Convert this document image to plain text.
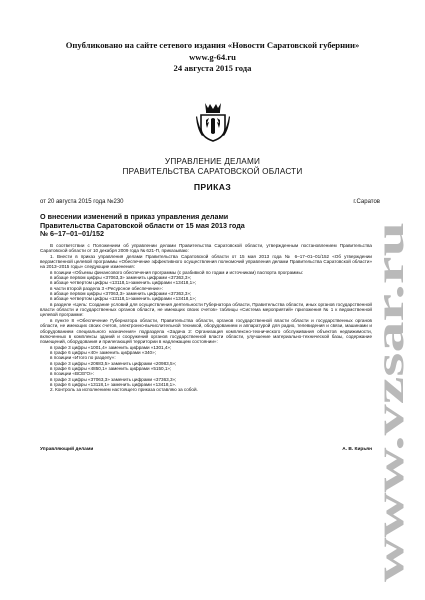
Опубликовано на сайте сетевого издания «Новости Саратовской губернии»
www.g-64.ru
24 августа 2015 года
УПРАВЛЕНИЕ ДЕЛАМИ
ПРАВИТЕЛЬСТВА САРАТОВСКОЙ ОБЛАСТИ
ПРИКАЗ
от 20 августа 2015 года №230	г.Саратов
О внесении изменений в приказ управления делами
Правительства Саратовской области от 15 мая 2013 года
№ 6–17–01–01/152

В соответствии с Положением об управлении делами Правительства Саратовской области, утвержденным постановлением Правительства Саратовской области от 10 декабря 2009 года № 621-П, приказываю:

1. Внести в приказ управления делами Правительства Саратовской области от 15 мая 2013 года № 6–17–01–01/152 «Об утверждении ведомственной целевой программы «Обеспечение эффективного осуществления полномочий управления делами Правительства Саратовской области» на 2013–2015 годы» следующие изменения:

в позиции «Объемы финансового обеспечения программы (с разбивкой по годам и источникам) паспорта программы:

в абзаце первом цифры «37063,3» заменить цифрами «37363,3»;

в абзаце четвертом цифры «13118,1»заменить цифрами «13418,1»;

в части второй раздела 3 «Ресурсное обеспечение»:

в абзаце первом цифры «37063,3» заменить цифрами «37363,3»;

в абзаце четвертом цифры «13118,1»заменить цифрами «13418,1»;

в разделе «Цель: Создание условий для осуществления деятельности Губернатора области, Правительства области, иных органов государственной власти области и государственных органов области, не имеющих своих счетов» таблицы «Система мероприятий» приложения № 1 к ведомственной целевой программе:

в пункте 8 «Обеспечение Губернатора области, Правительства области, органов государственной власти области и государственных органов области, не имеющих своих счетов, электронно-вычислительной техникой, оборудованием и аппаратурой для радио, телевидения и связи, машинами и оборудованием специального назначения» подраздела «Задача 2: Организация комплексно-технического обслуживания объектов недвижимости, включенных в комплексы зданий и сооружений органов государственной власти области, улучшение материально-технической базы, содержание помещений, оборудования и прилегающей территории в надлежащем состоянии»:

в графе 3 цифры «1001,4» заменить цифрами «1301,4»;

в графе 6 цифры «40» заменить цифрами «340»;

в позиции «Итого по разделу»:

в графе 3 цифры «20683,5» заменить цифрами «20983,5»;

в графе 6 цифры «4850,1» заменить цифрами «5150,1»;

в позиции «ВСЕГО»:

в графе 3 цифры «37063,3» заменить цифрами «37363,3»;

в графе 6 цифры «13118,1» заменить цифрами «13418,1».

2. Контроль за исполнением настоящего приказа оставляю за собой.

Управляющий делами	А. В. Кирьян
www.vzsar.ru
